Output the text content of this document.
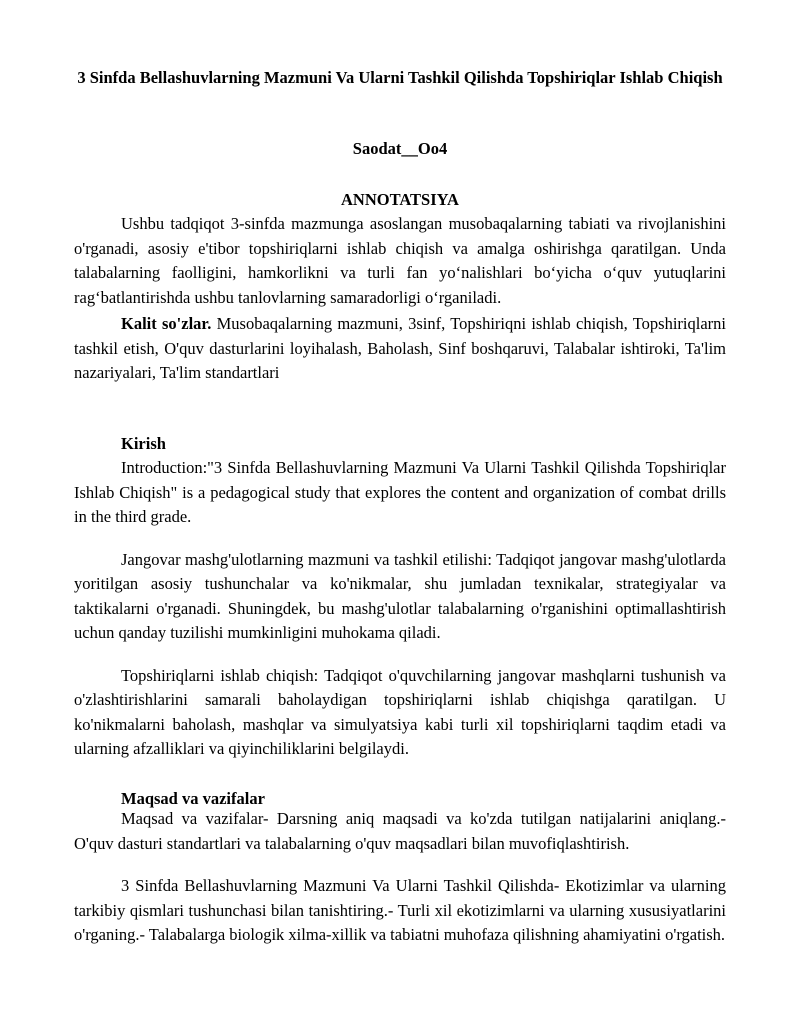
3 Sinfda Bellashuvlarning Mazmuni Va Ularni Tashkil Qilishda Topshiriqlar Ishlab Chiqish
Saodat__Oo4
ANNOTATSIYA

Ushbu tadqiqot 3-sinfda mazmunga asoslangan musobaqalarning tabiati va rivojlanishini o'rganadi, asosiy e'tibor topshiriqlarni ishlab chiqish va amalga oshirishga qaratilgan. Unda talabalarning faolligini, hamkorlikni va turli fan yo‘nalishlari bo‘yicha o‘quv yutuqlarini rag‘batlantirishda ushbu tanlovlarning samaradorligi o‘rganiladi.

Kalit so'zlar. Musobaqalarning mazmuni, 3sinf, Topshiriqni ishlab chiqish, Topshiriqlarni tashkil etish, O'quv dasturlarini loyihalash, Baholash, Sinf boshqaruvi, Talabalar ishtiroki, Ta'lim nazariyalari, Ta'lim standartlari

Kirish

Introduction:"3 Sinfda Bellashuvlarning Mazmuni Va Ularni Tashkil Qilishda Topshiriqlar Ishlab Chiqish" is a pedagogical study that explores the content and organization of combat drills in the third grade.

Jangovar mashg'ulotlarning mazmuni va tashkil etilishi: Tadqiqot jangovar mashg'ulotlarda yoritilgan asosiy tushunchalar va ko'nikmalar, shu jumladan texnikalar, strategiyalar va taktikalarni o'rganadi. Shuningdek, bu mashg'ulotlar talabalarning o'rganishini optimallashtirish uchun qanday tuzilishi mumkinligini muhokama qiladi.

Topshiriqlarni ishlab chiqish: Tadqiqot o'quvchilarning jangovar mashqlarni tushunish va o'zlashtirishlarini samarali baholaydigan topshiriqlarni ishlab chiqishga qaratilgan. U ko'nikmalarni baholash, mashqlar va simulyatsiya kabi turli xil topshiriqlarni taqdim etadi va ularning afzalliklari va qiyinchiliklarini belgilaydi.

Maqsad va vazifalar

Maqsad va vazifalar- Darsning aniq maqsadi va ko'zda tutilgan natijalarini aniqlang.- O'quv dasturi standartlari va talabalarning o'quv maqsadlari bilan muvofiqlashtirish.

3 Sinfda Bellashuvlarning Mazmuni Va Ularni Tashkil Qilishda- Ekotizimlar va ularning tarkibiy qismlari tushunchasi bilan tanishtiring.- Turli xil ekotizimlarni va ularning xususiyatlarini o'rganing.- Talabalarga biologik xilma-xillik va tabiatni muhofaza qilishning ahamiyatini o'rgatish.
